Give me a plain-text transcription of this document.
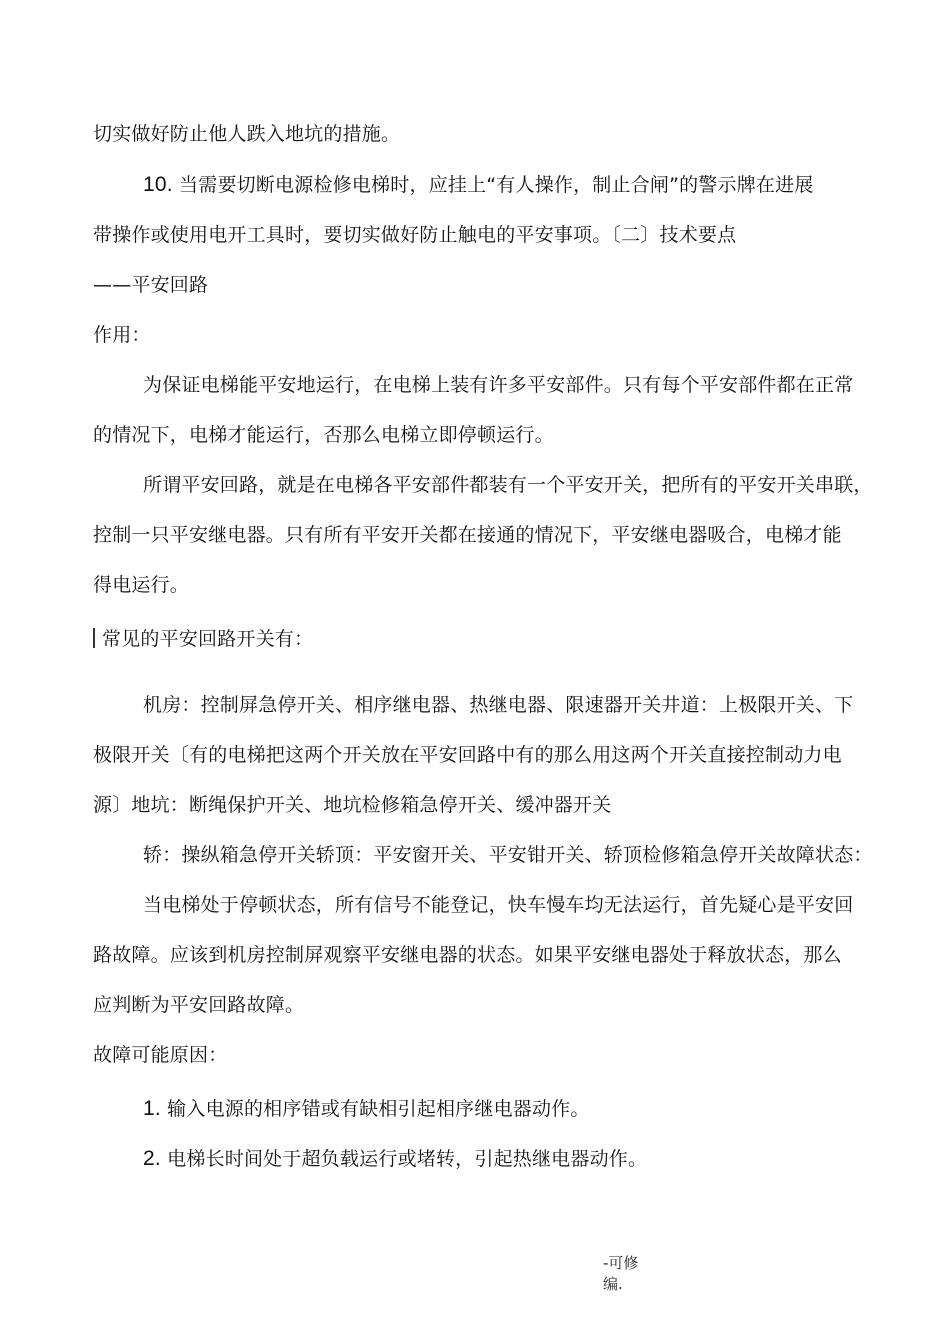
切实做好防止他人跌入地坑的措施。
10. 当需要切断电源检修电梯时，应挂上“有人操作，制止合闸”的警示牌在进展
带操作或使用电开工具时，要切实做好防止触电的平安事项。〔二〕技术要点
——平安回路
作用：
为保证电梯能平安地运行，在电梯上装有许多平安部件。只有每个平安部件都在正常
的情况下，电梯才能运行，否那么电梯立即停顿运行。
所谓平安回路，就是在电梯各平安部件都装有一个平安开关，把所有的平安开关串联，
控制一只平安继电器。只有所有平安开关都在接通的情况下，平安继电器吸合，电梯才能
得电运行。
常见的平安回路开关有：
机房：控制屏急停开关、相序继电器、热继电器、限速器开关井道：上极限开关、下
极限开关〔有的电梯把这两个开关放在平安回路中有的那么用这两个开关直接控制动力电
源〕地坑：断绳保护开关、地坑检修箱急停开关、缓冲器开关
轿：操纵箱急停开关轿顶：平安窗开关、平安钳开关、轿顶检修箱急停开关故障状态：
当电梯处于停顿状态，所有信号不能登记，快车慢车均无法运行，首先疑心是平安回
路故障。应该到机房控制屏观察平安继电器的状态。如果平安继电器处于释放状态，那么
应判断为平安回路故障。
故障可能原因：
1. 输入电源的相序错或有缺相引起相序继电器动作。
2. 电梯长时间处于超负载运行或堵转，引起热继电器动作。
-可修
编.
